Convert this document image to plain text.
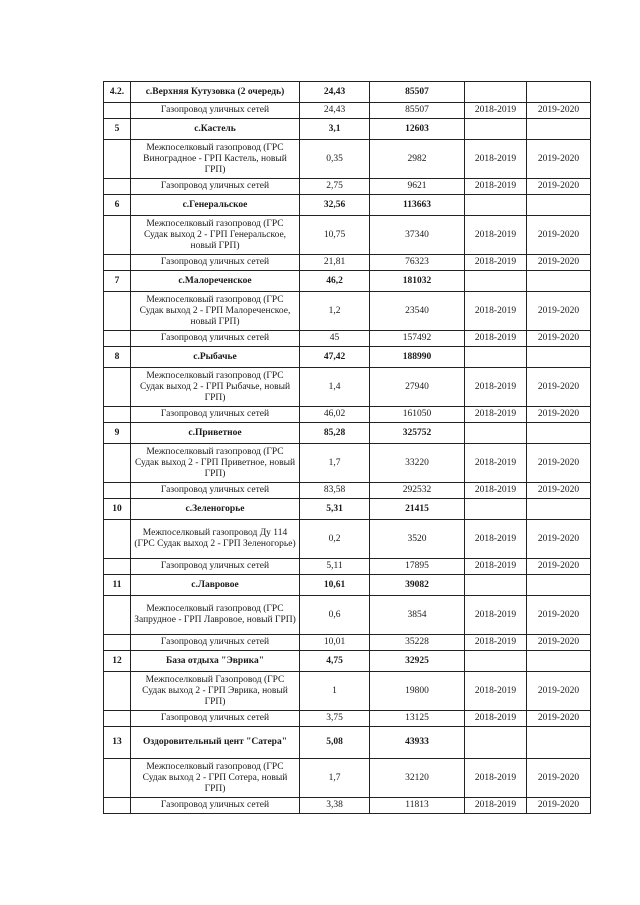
4.2.	с.Верхняя Кутузовка (2 очередь)	24,43	85507		
	Газопровод уличных сетей	24,43	85507	2018-2019	2019-2020
5	с.Кастель	3,1	12603		
	Межпоселковый газопровод (ГРС Виноградное - ГРП Кастель, новый ГРП)	0,35	2982	2018-2019	2019-2020
	Газопровод уличных сетей	2,75	9621	2018-2019	2019-2020
6	с.Генеральское	32,56	113663		
	Межпоселковый газопровод (ГРС Судак выход 2 - ГРП Генеральское, новый ГРП)	10,75	37340	2018-2019	2019-2020
	Газопровод уличных сетей	21,81	76323	2018-2019	2019-2020
7	с.Малореченское	46,2	181032		
	Межпоселковый газопровод (ГРС Судак выход 2 - ГРП Малореченское, новый ГРП)	1,2	23540	2018-2019	2019-2020
	Газопровод уличных сетей	45	157492	2018-2019	2019-2020
8	с.Рыбачье	47,42	188990		
	Межпоселковый газопровод (ГРС Судак выход 2 - ГРП Рыбачье, новый ГРП)	1,4	27940	2018-2019	2019-2020
	Газопровод уличных сетей	46,02	161050	2018-2019	2019-2020
9	с.Приветное	85,28	325752		
	Межпоселковый газопровод (ГРС Судак выход 2 - ГРП Приветное, новый ГРП)	1,7	33220	2018-2019	2019-2020
	Газопровод уличных сетей	83,58	292532	2018-2019	2019-2020
10	с.Зеленогорье	5,31	21415		
	Межпоселковый газопровод Ду 114 (ГРС Судак выход 2 - ГРП Зеленогорье)	0,2	3520	2018-2019	2019-2020
	Газопровод уличных сетей	5,11	17895	2018-2019	2019-2020
11	с.Лавровое	10,61	39082		
	Межпоселковый газопровод (ГРС Запрудное - ГРП Лавровое, новый ГРП)	0,6	3854	2018-2019	2019-2020
	Газопровод уличных сетей	10,01	35228	2018-2019	2019-2020
12	База отдыха "Эврика"	4,75	32925		
	Межпоселковый Газопровод (ГРС Судак выход 2 - ГРП Эврика, новый ГРП)	1	19800	2018-2019	2019-2020
	Газопровод уличных сетей	3,75	13125	2018-2019	2019-2020
13	Оздоровительный цент "Сатера"	5,08	43933		
	Межпоселковый газопровод (ГРС Судак выход 2 - ГРП Сотера, новый ГРП)	1,7	32120	2018-2019	2019-2020
	Газопровод уличных сетей	3,38	11813	2018-2019	2019-2020
